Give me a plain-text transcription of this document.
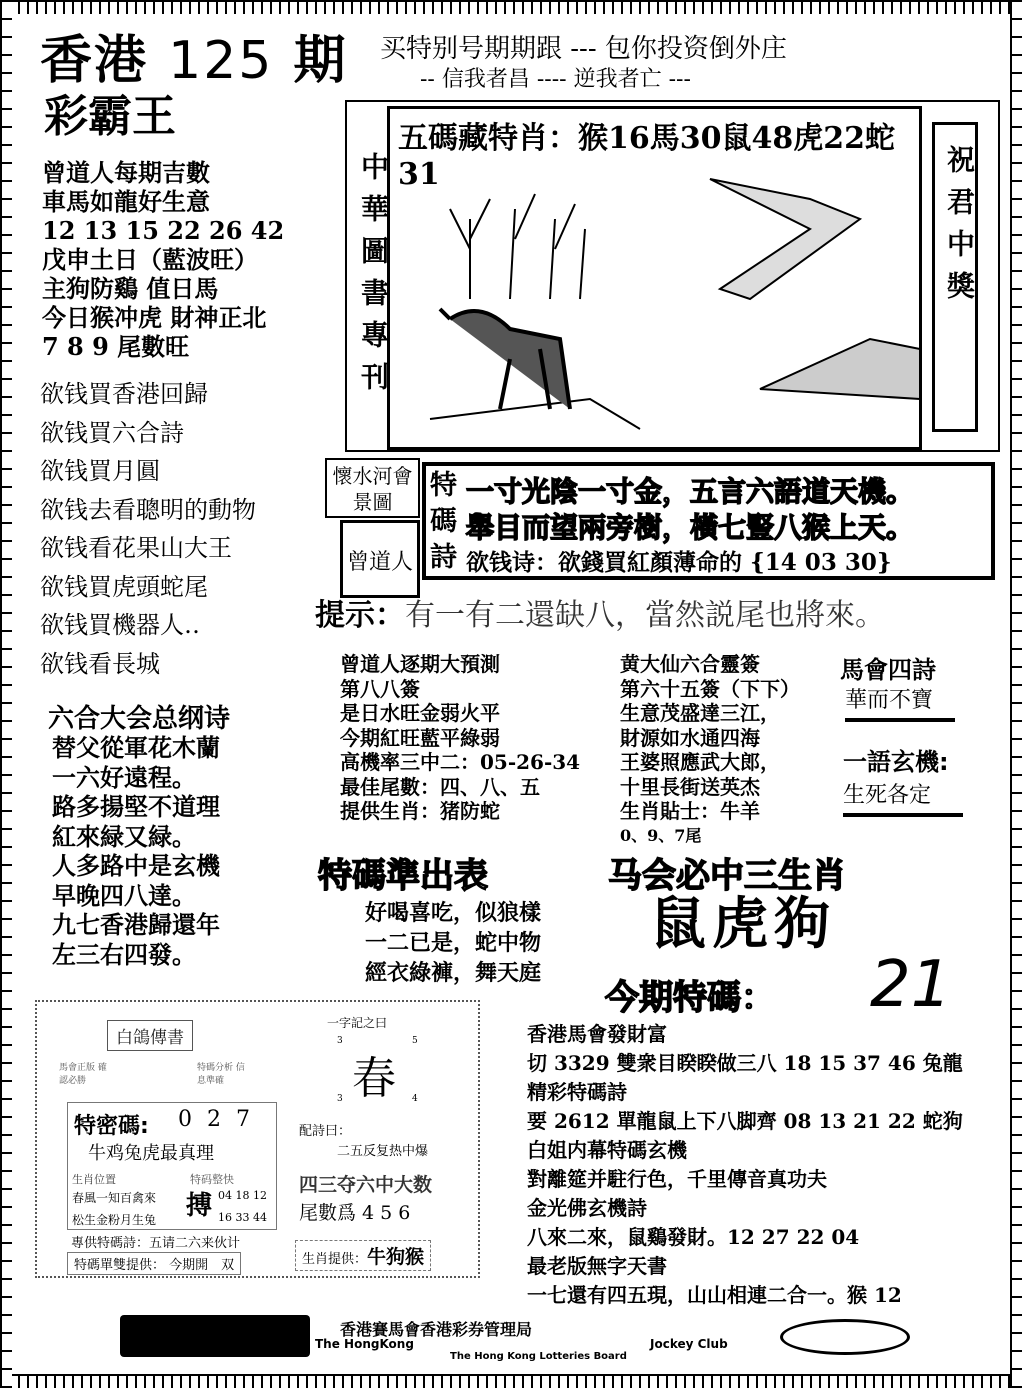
香港 125 期
彩霸王
买特别号期期跟 --- 包你投资倒外庄
-- 信我者昌 ---- 逆我者亡 ---
中華圖書專刊
五碼藏特肖：猴16馬30鼠48虎22蛇31	祝君中獎
曾道人每期吉數
車馬如龍好生意
12 13 15 22 26 42
戊申土日（藍波旺）
主狗防鷄 值日馬
今日猴冲虎 財神正北
7 8 9 尾數旺
欲钱買香港回歸
欲钱買六合詩
欲钱買月圓
欲钱去看聰明的動物
欲钱看花果山大王
欲钱買虎頭蛇尾
欲钱買機器人‥
欲钱看長城
六合大会总纲诗
替父從軍花木蘭
一六好遠程。
路多揚堅不道理
紅來緑又緑。
人多路中是玄機
早晚四八達。
九七香港歸還年
左三右四發。
懷水河會景圖
曾道人
特
碼
詩
一寸光陰一寸金，五言六語道天機。
舉目而望兩旁樹，橫七豎八猴上天。
欲钱诗：欲錢買紅顏薄命的 {14 03 30}
提示：有一有二還缺八，當然説尾也將來。
曾道人逐期大預測
第八八簽
是日水旺金弱火平
今期紅旺藍平綠弱
高機率三中二：05-26-34
最佳尾數：四、八、五
提供生肖：猪防蛇
黄大仙六合靈簽
第六十五簽（下下）
生意茂盛達三江，
財源如水通四海
王婆照應武大郎，
十里長街送英杰
生肖貼士：牛羊
0、9、7尾
馬會四詩
華而不寶
一語玄機:
生死各定
特碼準出表
好喝喜吃，似狼樣
一二已是，蛇中物
經衣綠褲，舞天庭
马会必中三生肖
鼠虎狗
今期特碼： 21
白鴿傳書
馬會正版 確認必勝
特碼分析 信息準確
特密碼: 0 2 7
牛鸡兔虎最真理
生肖位置
春風一知百禽來
松生金粉月生兔
特码整快
搏 04 18 12
16 33 44
專供特碼詩：五请二六来伙计
特碼單雙提供： 今期開　双
一字記之曰
3	5
3	4
春
配詩曰：
二五反复热中爆
四三夺六中大数
尾數爲 4 5 6
生肖提供：牛狗猴
香港馬會發財富
切 3329 雙衆目睽睽做三八 18 15 37 46 兔龍
精彩特碼詩
要 2612 單龍鼠上下八脚齊 08 13 21 22 蛇狗
白姐内幕特碼玄機
對離筵并駐行色，千里傳音真功夫
金光佛玄機詩
八來二來，鼠鷄發財。12 27 22 04
最老版無字天書
一七還有四五現，山山相連二合一。猴 12
香港賽馬會香港彩券管理局
The HongKong	Jockey Club
The Hong Kong Lotteries Board
